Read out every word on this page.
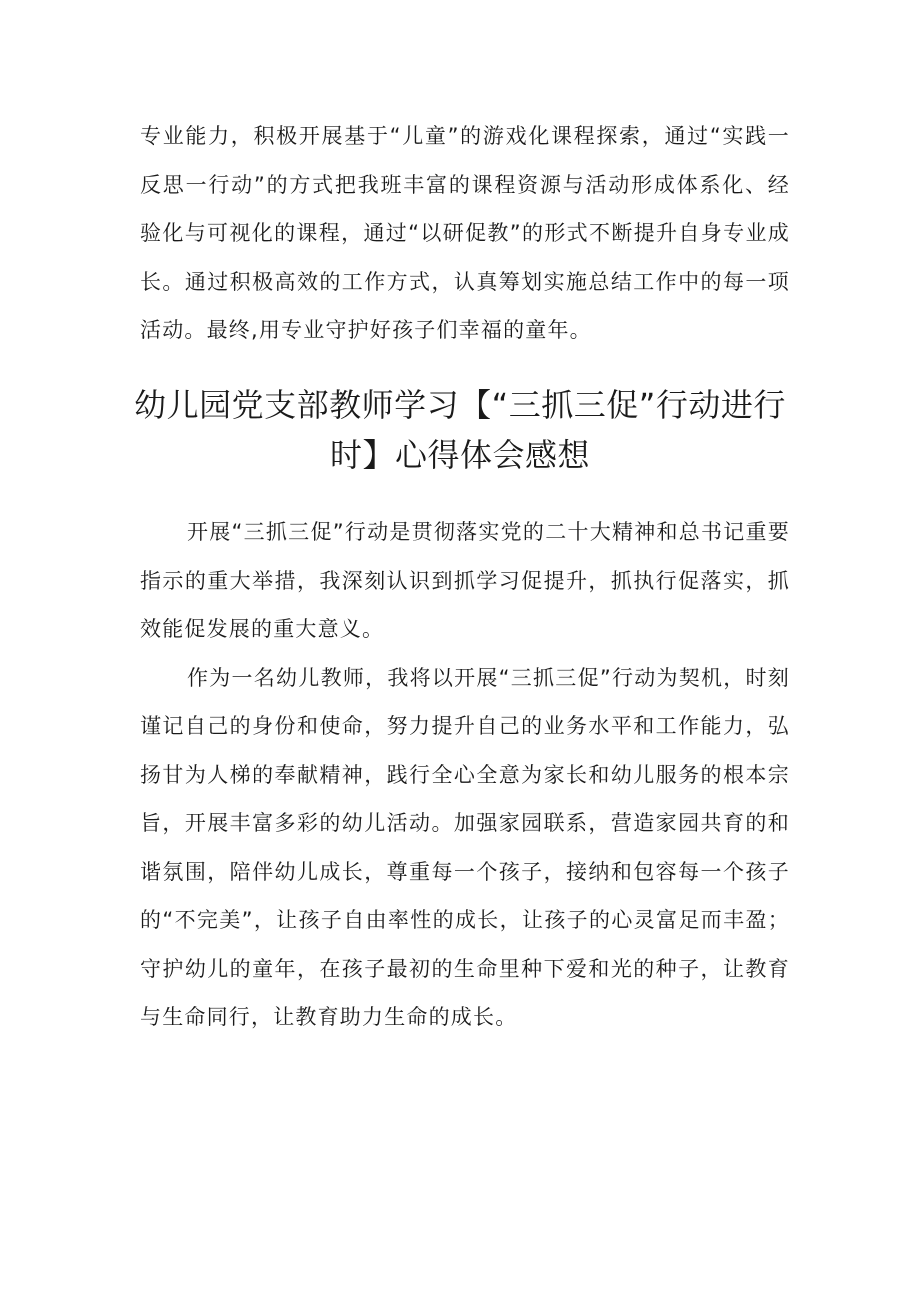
专业能力，积极开展基于“儿童”的游戏化课程探索，通过“实践一反思一行动”的方式把我班丰富的课程资源与活动形成体系化、经验化与可视化的课程，通过“以研促教”的形式不断提升自身专业成长。通过积极高效的工作方式，认真筹划实施总结工作中的每一项活动。最终,用专业守护好孩子们幸福的童年。

幼儿园党支部教师学习【“三抓三促”行动进行时】心得体会感想

开展“三抓三促”行动是贯彻落实党的二十大精神和总书记重要指示的重大举措，我深刻认识到抓学习促提升，抓执行促落实，抓效能促发展的重大意义。

作为一名幼儿教师，我将以开展“三抓三促”行动为契机，时刻谨记自己的身份和使命，努力提升自己的业务水平和工作能力，弘扬甘为人梯的奉献精神，践行全心全意为家长和幼儿服务的根本宗旨，开展丰富多彩的幼儿活动。加强家园联系，营造家园共育的和谐氛围，陪伴幼儿成长，尊重每一个孩子，接纳和包容每一个孩子的“不完美”，让孩子自由率性的成长，让孩子的心灵富足而丰盈；守护幼儿的童年，在孩子最初的生命里种下爱和光的种子，让教育与生命同行，让教育助力生命的成长。
